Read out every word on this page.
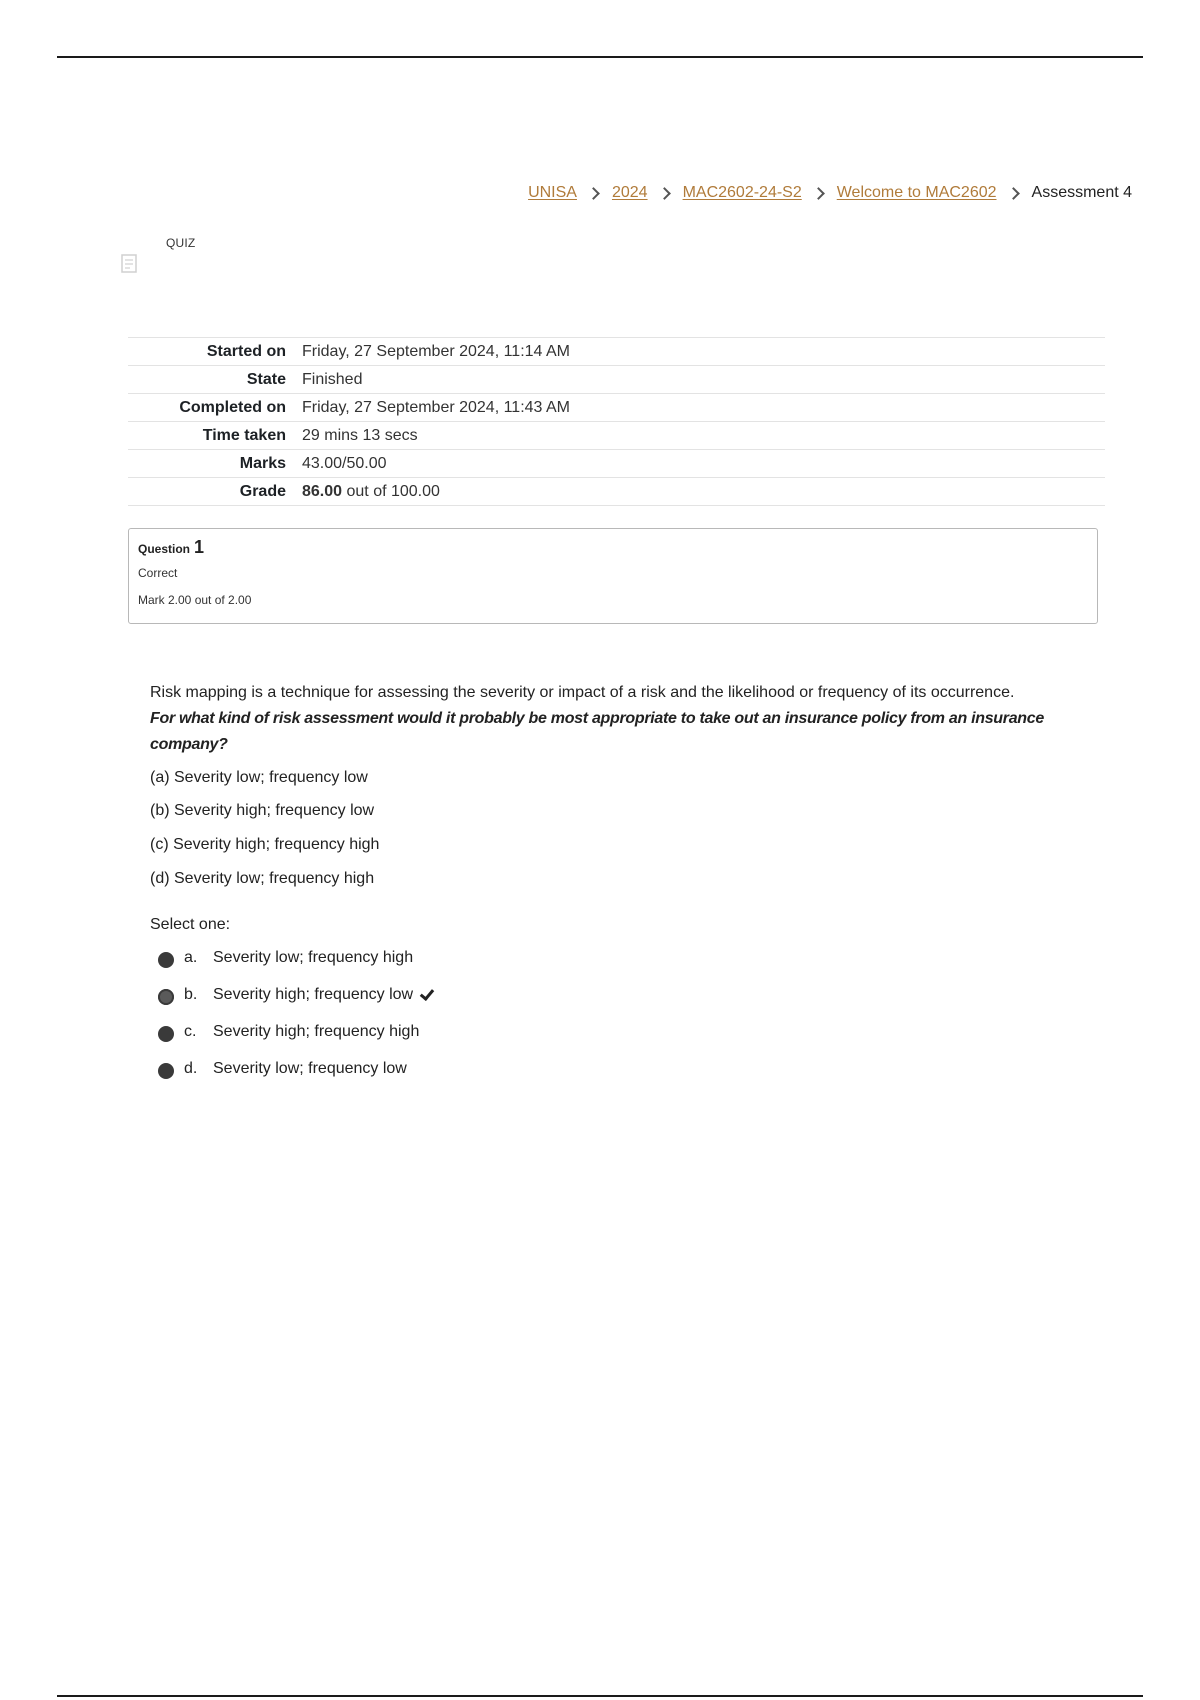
UNISA 2024 MAC2602-24-S2 Welcome to MAC2602 Assessment 4
QUIZ
Started on	Friday, 27 September 2024, 11:14 AM
State	Finished
Completed on	Friday, 27 September 2024, 11:43 AM
Time taken	29 mins 13 secs
Marks	43.00/50.00
Grade	86.00 out of 100.00
Question 1
Correct
Mark 2.00 out of 2.00

Risk mapping is a technique for assessing the severity or impact of a risk and the likelihood or frequency of its occurrence.

For what kind of risk assessment would it probably be most appropriate to take out an insurance policy from an insurance company?

(a) Severity low; frequency low

(b) Severity high; frequency low

(c) Severity high; frequency high

(d) Severity low; frequency high

Select one:
a. Severity low; frequency high
b. Severity high; frequency low
c.	Severity high; frequency high
d. Severity low; frequency low
